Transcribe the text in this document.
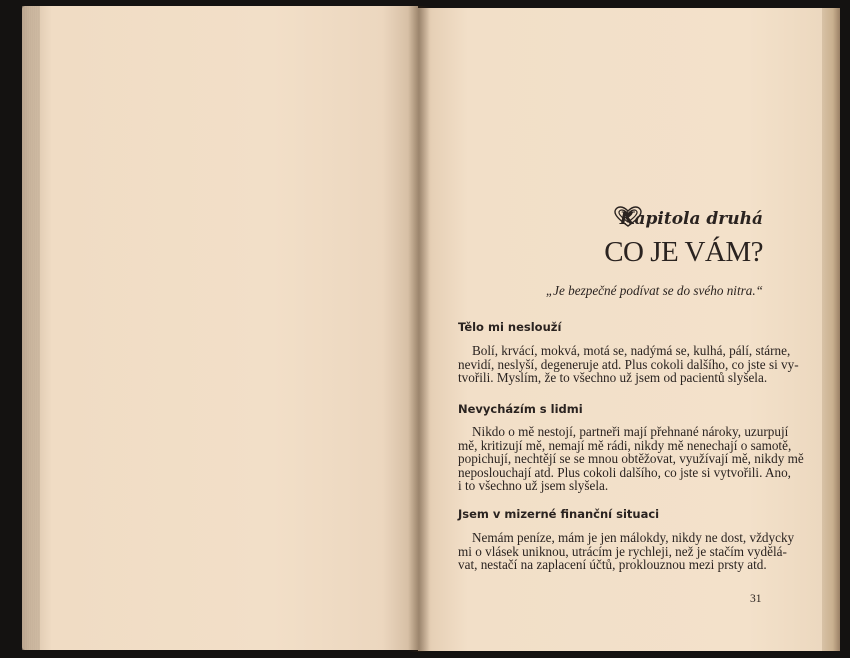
Kapitola druhá
CO JE VÁM?
„Je bezpečné podívat se do svého nitra.“
Tělo mi neslouží
Bolí, krvácí, mokvá, motá se, nadýmá se, kulhá, pálí, stárne,
nevidí, neslyší, degeneruje atd. Plus cokoli dalšího, co jste si vy-
tvořili. Myslím, že to všechno už jsem od pacientů slyšela.
Nevycházím s lidmi
Nikdo o mě nestojí, partneři mají přehnané nároky, uzurpují
mě, kritizují mě, nemají mě rádi, nikdy mě nenechají o samotě,
popichují, nechtějí se se mnou obtěžovat, využívají mě, nikdy mě
neposlouchají atd. Plus cokoli dalšího, co jste si vytvořili. Ano,
i to všechno už jsem slyšela.
Jsem v mizerné finanční situaci
Nemám peníze, mám je jen málokdy, nikdy ne dost, vždycky
mi o vlásek uniknou, utrácím je rychleji, než je stačím vydělá-
vat, nestačí na zaplacení účtů, proklouznou mezi prsty atd.
31
